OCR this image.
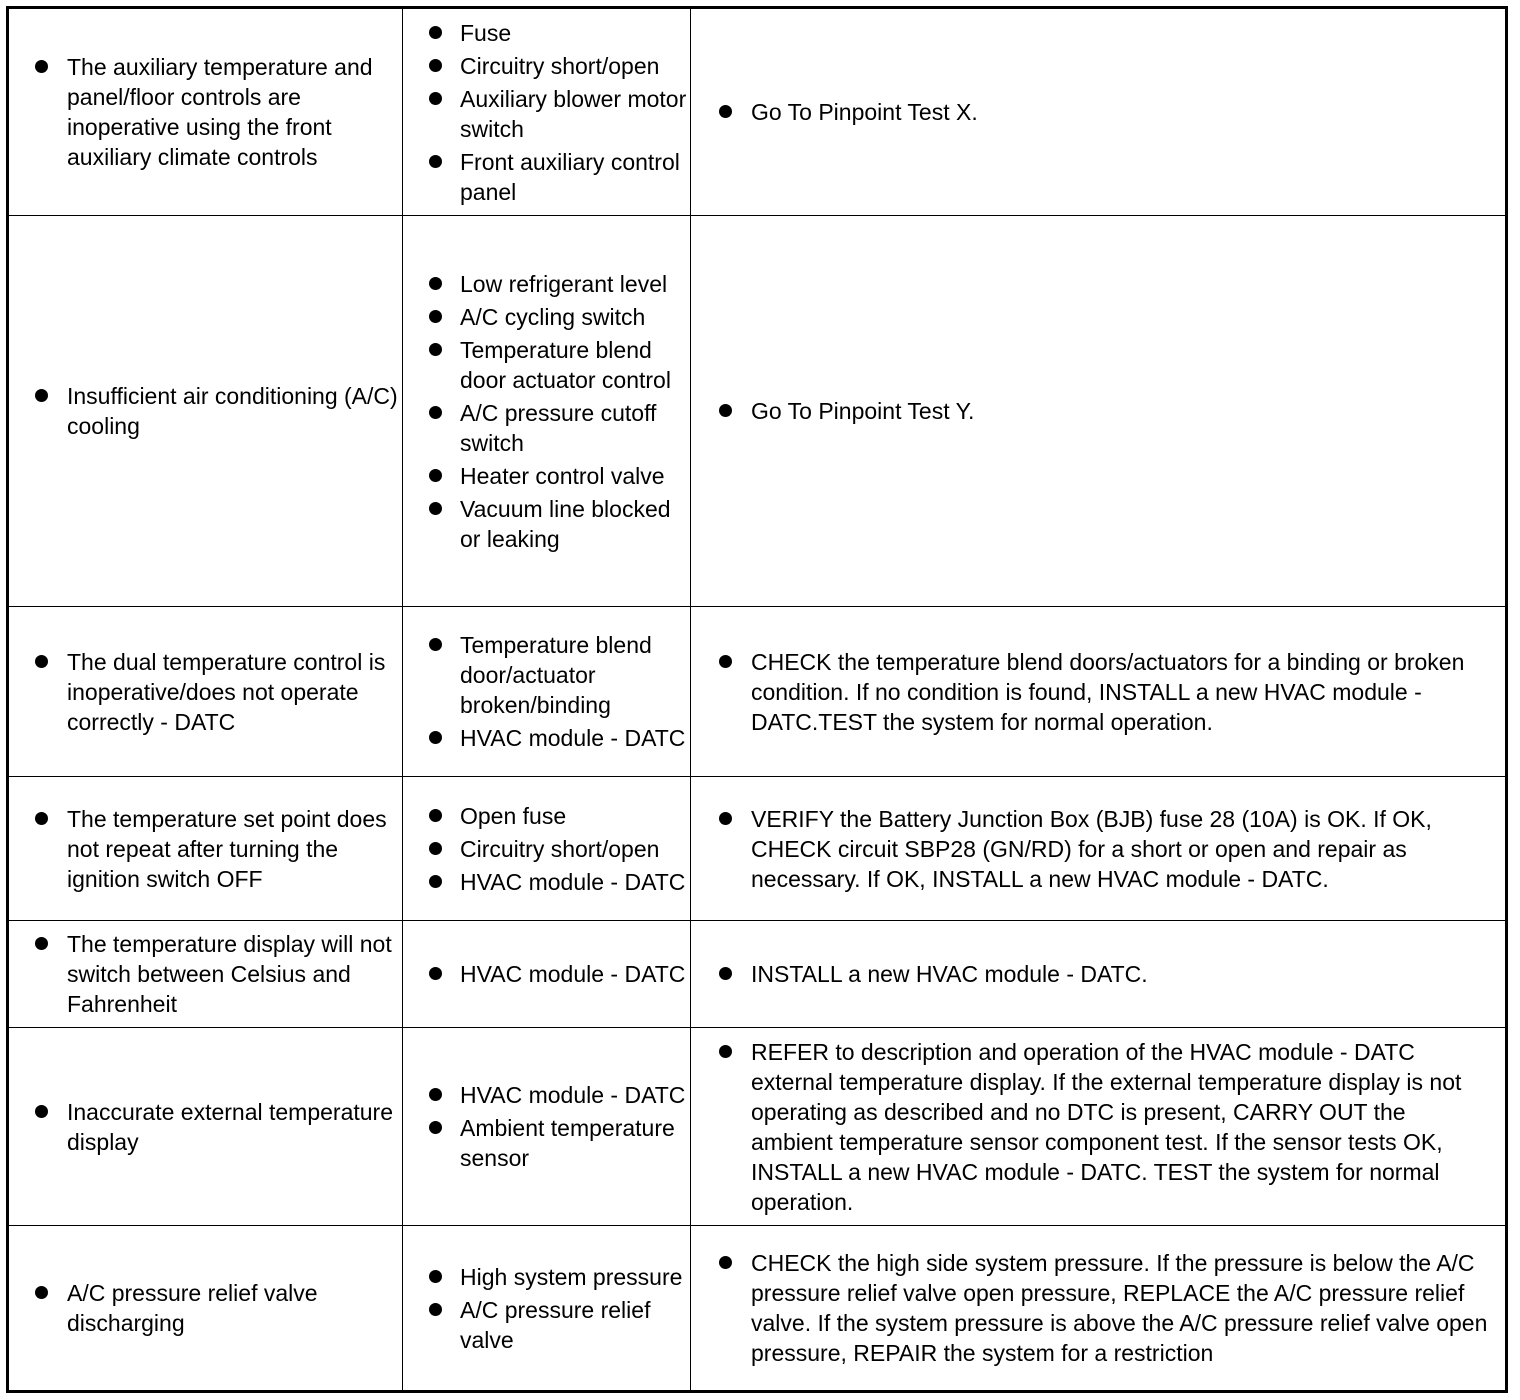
The auxiliary temperature and panel/floor controls are inoperative using the front auxiliary climate controls
Fuse
Circuitry short/open
Auxiliary blower motor switch
Front auxiliary control panel
Go To Pinpoint Test X.
Insufficient air conditioning (A/C) cooling
Low refrigerant level
A/C cycling switch
Temperature blend door actuator control
A/C pressure cutoff switch
Heater control valve
Vacuum line blocked or leaking
Go To Pinpoint Test Y.
The dual temperature control is inoperative/does not operate correctly - DATC
Temperature blend door/actuator broken/binding
HVAC module - DATC
CHECK the temperature blend doors/actuators for a binding or broken condition. If no condition is found, INSTALL a new HVAC module - DATC.TEST the system for normal operation.
The temperature set point does not repeat after turning the ignition switch OFF
Open fuse
Circuitry short/open
HVAC module - DATC
VERIFY the Battery Junction Box (BJB) fuse 28 (10A) is OK. If OK, CHECK circuit SBP28 (GN/RD) for a short or open and repair as necessary. If OK, INSTALL a new HVAC module - DATC.
The temperature display will not switch between Celsius and Fahrenheit
HVAC module - DATC	INSTALL a new HVAC module - DATC.
Inaccurate external temperature display
HVAC module - DATC
Ambient temperature sensor
REFER to description and operation of the HVAC module - DATC external temperature display. If the external temperature display is not operating as described and no DTC is present, CARRY OUT the ambient temperature sensor component test. If the sensor tests OK, INSTALL a new HVAC module - DATC. TEST the system for normal operation.
A/C pressure relief valve discharging
High system pressure
A/C pressure relief valve
CHECK the high side system pressure. If the pressure is below the A/C pressure relief valve open pressure, REPLACE the A/C pressure relief valve. If the system pressure is above the A/C pressure relief valve open pressure, REPAIR the system for a restriction
